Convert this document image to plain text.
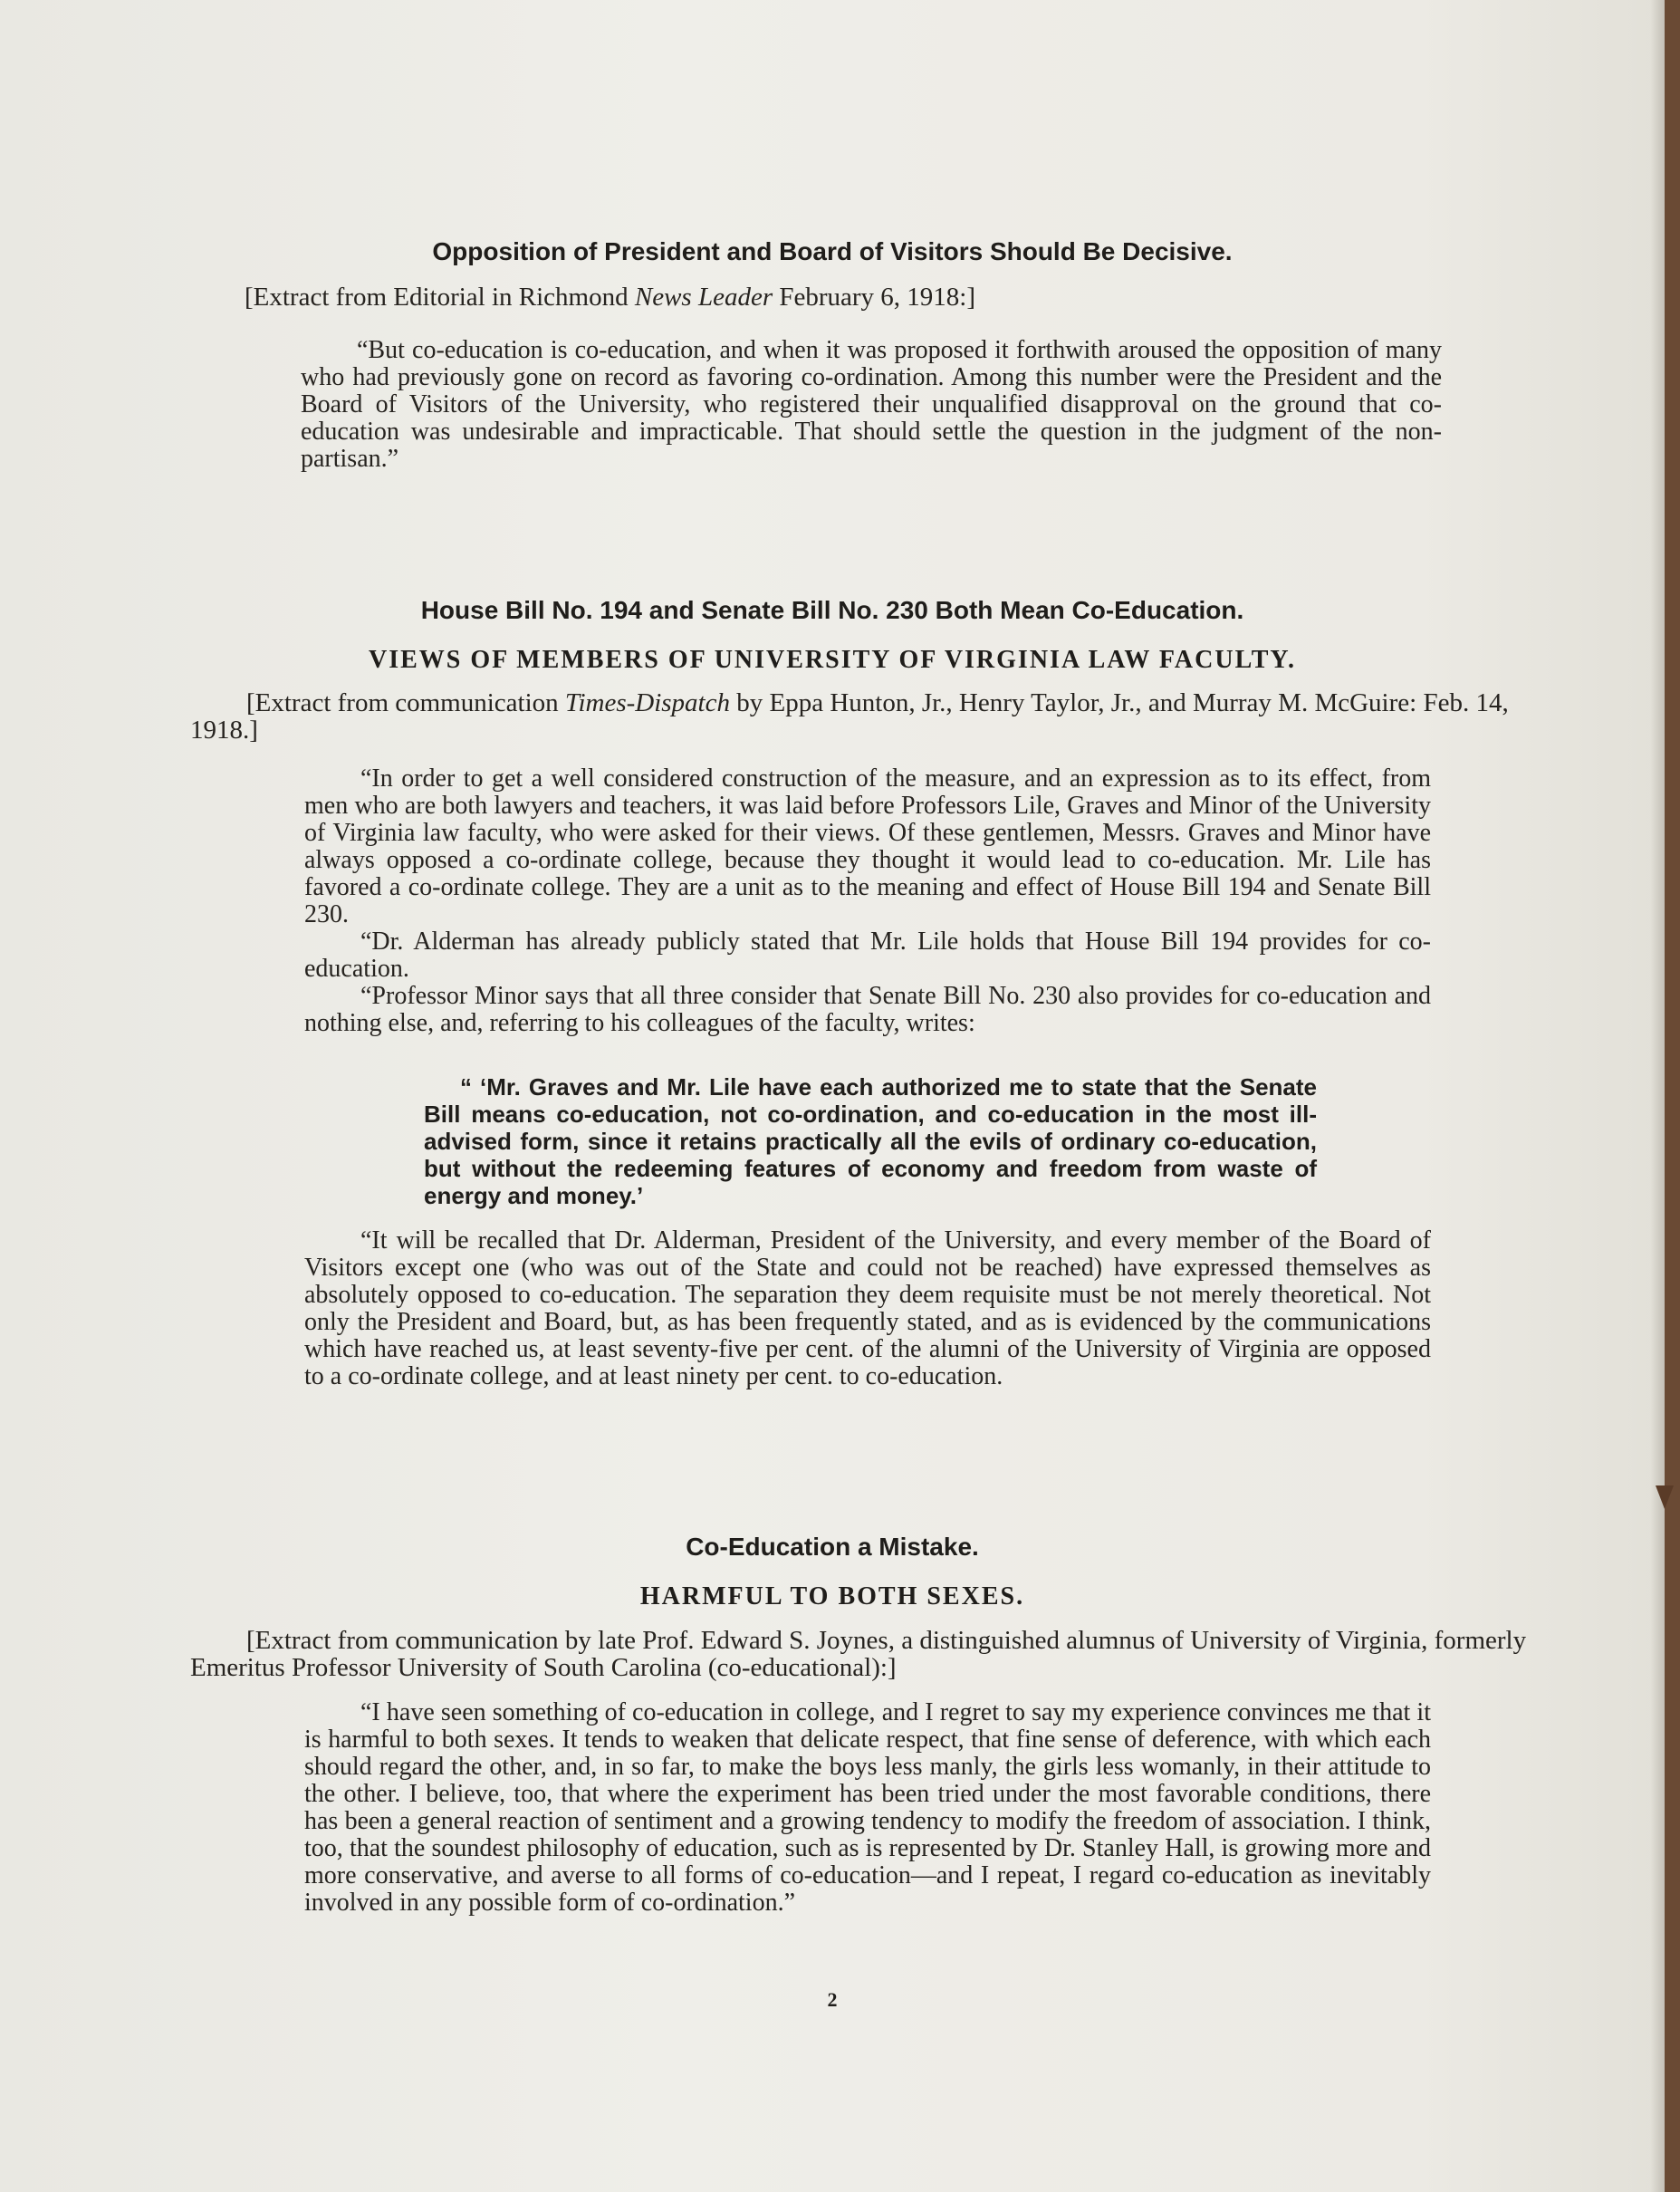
Opposition of President and Board of Visitors Should Be Decisive.
[Extract from Editorial in Richmond News Leader February 6, 1918:]
“But co-education is co-education, and when it was proposed it forthwith aroused the opposition of many who had previously gone on record as favoring co-ordination. Among this number were the President and the Board of Visitors of the University, who registered their unqualified disapproval on the ground that co-education was undesirable and impracticable. That should settle the question in the judgment of the non-partisan.”
House Bill No. 194 and Senate Bill No. 230 Both Mean Co-Education.
VIEWS OF MEMBERS OF UNIVERSITY OF VIRGINIA LAW FACULTY.
[Extract from communication Times-Dispatch by Eppa Hunton, Jr., Henry Taylor, Jr., and Murray M. McGuire: Feb. 14, 1918.]
“In order to get a well considered construction of the measure, and an expression as to its effect, from men who are both lawyers and teachers, it was laid before Professors Lile, Graves and Minor of the University of Virginia law faculty, who were asked for their views. Of these gentlemen, Messrs. Graves and Minor have always opposed a co-ordinate college, because they thought it would lead to co-education. Mr. Lile has favored a co-ordinate college. They are a unit as to the meaning and effect of House Bill 194 and Senate Bill 230.
“Dr. Alderman has already publicly stated that Mr. Lile holds that House Bill 194 provides for co-education.
“Professor Minor says that all three consider that Senate Bill No. 230 also provides for co-education and nothing else, and, referring to his colleagues of the faculty, writes:
“ ‘Mr. Graves and Mr. Lile have each authorized me to state that the Senate Bill means co-education, not co-ordination, and co-education in the most ill-advised form, since it retains practically all the evils of ordinary co-education, but without the redeeming features of economy and freedom from waste of energy and money.’
“It will be recalled that Dr. Alderman, President of the University, and every member of the Board of Visitors except one (who was out of the State and could not be reached) have expressed themselves as absolutely opposed to co-education. The separation they deem requisite must be not merely theoretical. Not only the President and Board, but, as has been frequently stated, and as is evidenced by the communications which have reached us, at least seventy-five per cent. of the alumni of the University of Virginia are opposed to a co-ordinate college, and at least ninety per cent. to co-education.
Co-Education a Mistake.
HARMFUL TO BOTH SEXES.
[Extract from communication by late Prof. Edward S. Joynes, a distinguished alumnus of University of Virginia, formerly Emeritus Professor University of South Carolina (co-educational):]
“I have seen something of co-education in college, and I regret to say my experience convinces me that it is harmful to both sexes. It tends to weaken that delicate respect, that fine sense of deference, with which each should regard the other, and, in so far, to make the boys less manly, the girls less womanly, in their attitude to the other. I believe, too, that where the experiment has been tried under the most favorable conditions, there has been a general reaction of sentiment and a growing tendency to modify the freedom of association. I think, too, that the soundest philosophy of education, such as is represented by Dr. Stanley Hall, is growing more and more conservative, and averse to all forms of co-education—and I repeat, I regard co-education as inevitably involved in any possible form of co-ordination.”
2
